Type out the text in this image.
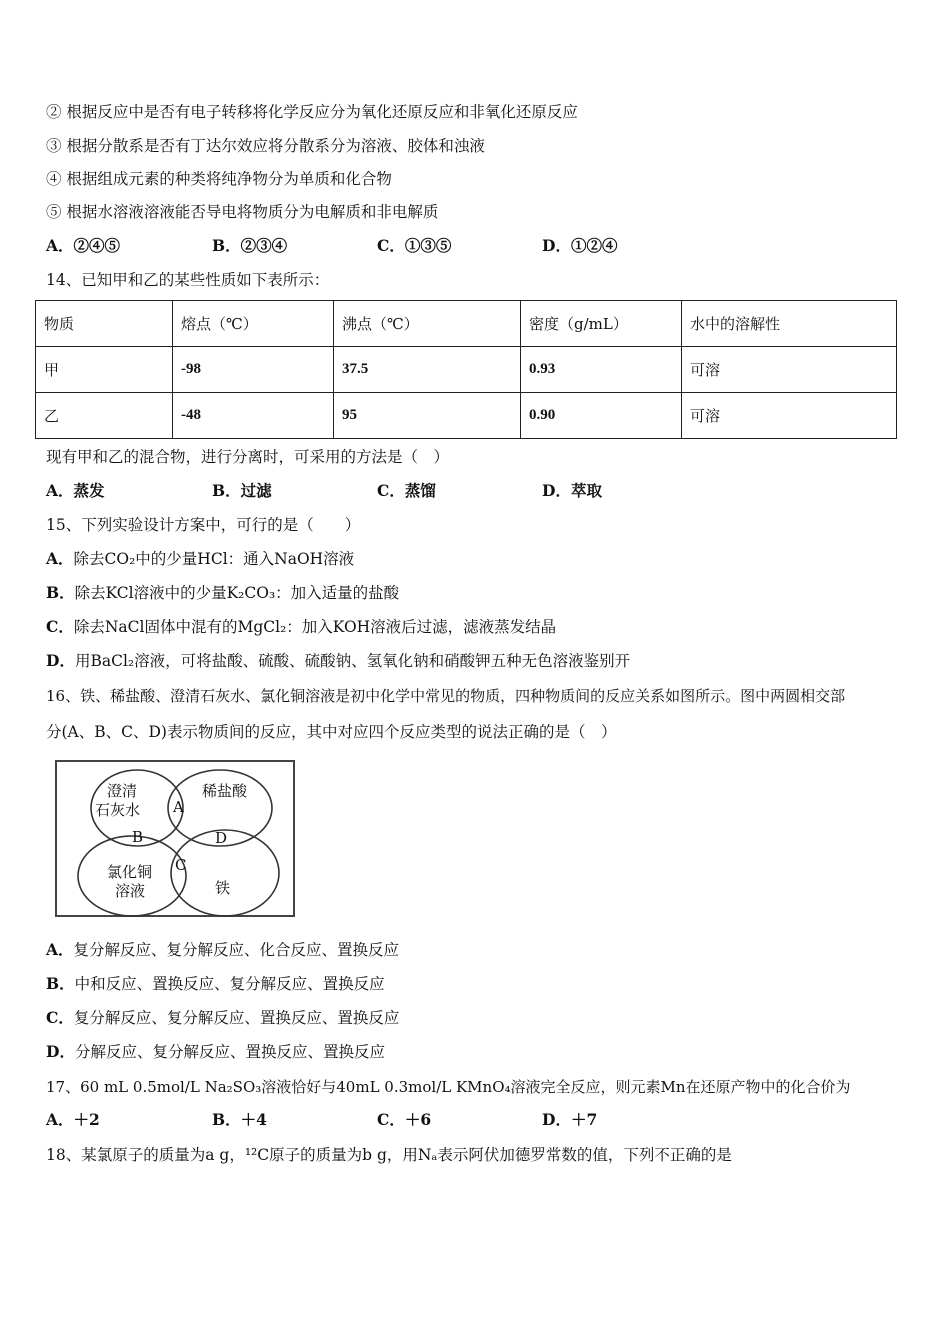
② 根据反应中是否有电子转移将化学反应分为氧化还原反应和非氧化还原反应
③ 根据分散系是否有丁达尔效应将分散系分为溶液、胶体和浊液
④ 根据组成元素的种类将纯净物分为单质和化合物
⑤ 根据水溶液溶液能否导电将物质分为电解质和非电解质
A．②④⑤	B．②③④	C．①③⑤	D．①②④
14、已知甲和乙的某些性质如下表所示：
物质	熔点（℃）	沸点（℃）	密度（g/mL）	水中的溶解性
甲	-98	37.5	0.93	可溶
乙	-48	95	0.90	可溶
现有甲和乙的混合物，进行分离时，可采用的方法是（　）
A．蒸发	B．过滤	C．蒸馏	D．萃取
15、下列实验设计方案中，可行的是（　　）
A．除去CO₂中的少量HCl：通入NaOH溶液
B．除去KCl溶液中的少量K₂CO₃：加入适量的盐酸
C．除去NaCl固体中混有的MgCl₂：加入KOH溶液后过滤，滤液蒸发结晶
D．用BaCl₂溶液，可将盐酸、硫酸、硫酸钠、氢氧化钠和硝酸钾五种无色溶液鉴别开
16、铁、稀盐酸、澄清石灰水、氯化铜溶液是初中化学中常见的物质，四种物质间的反应关系如图所示。图中两圆相交部
分(A、B、C、D)表示物质间的反应，其中对应四个反应类型的说法正确的是（　）
澄清
石灰水
稀盐酸
氯化铜
溶液	铁
A
B
C
D
A．复分解反应、复分解反应、化合反应、置换反应
B．中和反应、置换反应、复分解反应、置换反应
C．复分解反应、复分解反应、置换反应、置换反应
D．分解反应、复分解反应、置换反应、置换反应
17、60 mL 0.5mol/L Na₂SO₃溶液恰好与40mL 0.3mol/L KMnO₄溶液完全反应，则元素Mn在还原产物中的化合价为
A．＋2	B．＋4	C．＋6	D．＋7
18、某氯原子的质量为a g，¹²C原子的质量为b g，用Nₐ表示阿伏加德罗常数的值，下列不正确的是
